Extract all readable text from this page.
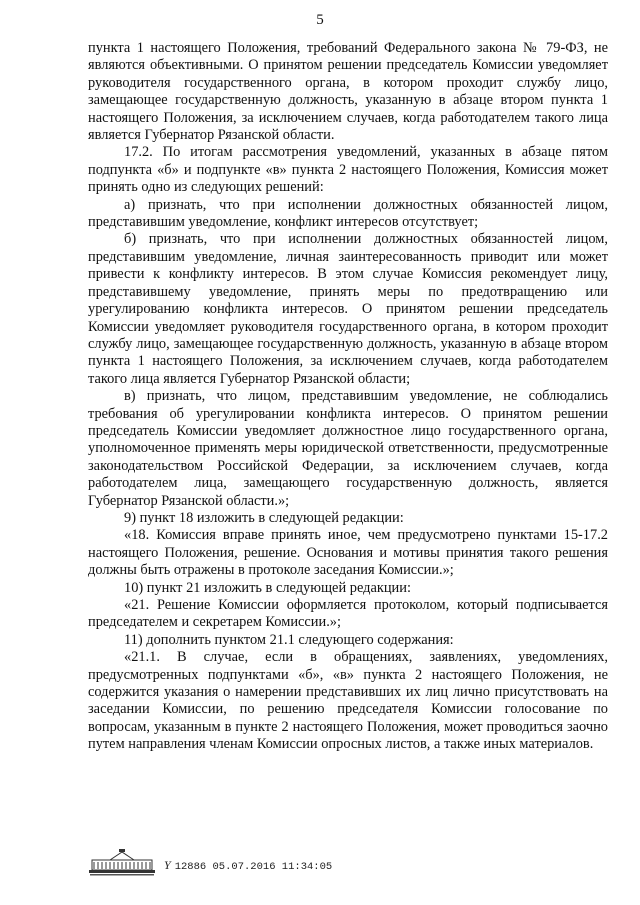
5

пункта 1 настоящего Положения, требований Федерального закона № 79-ФЗ, не являются объективными. О принятом решении председатель Комиссии уведомляет руководителя государственного органа, в котором проходит службу лицо, замещающее государственную должность, указанную в абзаце втором пункта 1 настоящего Положения, за исключением случаев, когда работодателем такого лица является Губернатор Рязанской области.

17.2. По итогам рассмотрения уведомлений, указанных в абзаце пятом подпункта «б» и подпункте «в» пункта 2 настоящего Положения, Комиссия может принять одно из следующих решений:

а) признать, что при исполнении должностных обязанностей лицом, представившим уведомление, конфликт интересов отсутствует;

б) признать, что при исполнении должностных обязанностей лицом, представившим уведомление, личная заинтересованность приводит или может привести к конфликту интересов. В этом случае Комиссия рекомендует лицу, представившему уведомление, принять меры по предотвращению или урегулированию конфликта интересов. О принятом решении председатель Комиссии уведомляет руководителя государственного органа, в котором проходит службу лицо, замещающее государственную должность, указанную в абзаце втором пункта 1 настоящего Положения, за исключением случаев, когда работодателем такого лица является Губернатор Рязанской области;

в) признать, что лицом, представившим уведомление, не соблюдались требования об урегулировании конфликта интересов. О принятом решении председатель Комиссии уведомляет должностное лицо государственного органа, уполномоченное применять меры юридической ответственности, предусмотренные законодательством Российской Федерации, за исключением случаев, когда работодателем лица, замещающего государственную должность, является Губернатор Рязанской области.»;

9) пункт 18 изложить в следующей редакции:

«18. Комиссия вправе принять иное, чем предусмотрено пунктами 15-17.2 настоящего Положения, решение. Основания и мотивы принятия такого решения должны быть отражены в протоколе заседания Комиссии.»;

10) пункт 21 изложить в следующей редакции:

«21. Решение Комиссии оформляется протоколом, который подписывается председателем и секретарем Комиссии.»;

11) дополнить пунктом 21.1 следующего содержания:

«21.1. В случае, если в обращениях, заявлениях, уведомлениях, предусмотренных подпунктами «б», «в» пункта 2 настоящего Положения, не содержится указания о намерении представивших их лиц лично присутствовать на заседании Комиссии, по решению председателя Комиссии голосование по вопросам, указанным в пункте 2 настоящего Положения, может проводиться заочно путем направления членам Комиссии опросных листов, а также иных материалов.

Ү 12886 05.07.2016 11:34:05
